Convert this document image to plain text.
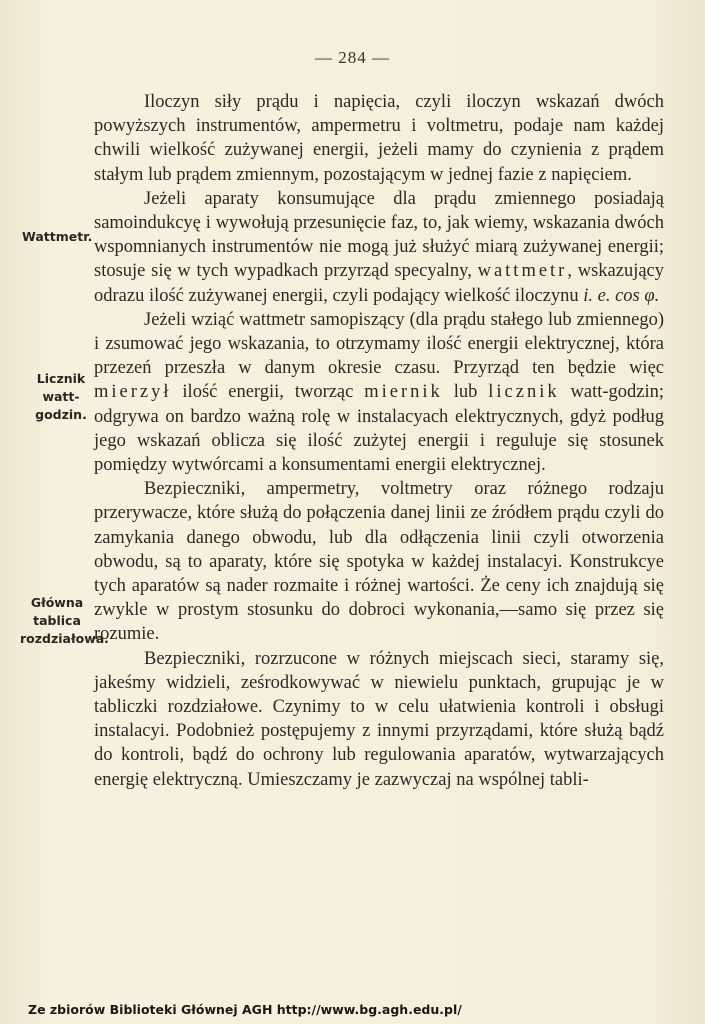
— 284 —
Wattmetr.
Licznik watt-godzin.
Główna tablica rozdziałowa.

Iloczyn siły prądu i napięcia, czyli iloczyn wskazań dwóch powyższych instrumentów, ampermetru i voltmetru, podaje nam każdej chwili wielkość zużywanej energii, jeżeli mamy do czynienia z prądem stałym lub prądem zmiennym, pozostającym w jednej fazie z napięciem.

Jeżeli aparaty konsumujące dla prądu zmiennego posiadają samoindukcyę i wywołują przesunięcie faz, to, jak wiemy, wskazania dwóch wspomnianych instrumentów nie mogą już służyć miarą zużywanej energii; stosuje się w tych wypadkach przyrząd specyalny, wattmetr, wskazujący odrazu ilość zużywanej energii, czyli podający wielkość iloczynu i. e. cos φ.

Jeżeli wziąć wattmetr samopiszący (dla prądu stałego lub zmiennego) i zsumować jego wskazania, to otrzymamy ilość energii elektrycznej, która przezeń przeszła w danym okresie czasu. Przyrząd ten będzie więc mierzył ilość energii, tworząc miernik lub licznik watt-godzin; odgrywa on bardzo ważną rolę w instalacyach elektrycznych, gdyż podług jego wskazań oblicza się ilość zużytej energii i reguluje się stosunek pomiędzy wytwórcami a konsumentami energii elektrycznej.

Bezpieczniki, ampermetry, voltmetry oraz różnego rodzaju przerywacze, które służą do połączenia danej linii ze źródłem prądu czyli do zamykania danego obwodu, lub dla odłączenia linii czyli otworzenia obwodu, są to aparaty, które się spotyka w każdej instalacyi. Konstrukcye tych aparatów są nader rozmaite i różnej wartości. Że ceny ich znajdują się zwykle w prostym stosunku do dobroci wykonania,—samo się przez się rozumie.

Bezpieczniki, rozrzucone w różnych miejscach sieci, staramy się, jakeśmy widzieli, ześrodkowywać w niewielu punktach, grupując je w tabliczki rozdziałowe. Czynimy to w celu ułatwienia kontroli i obsługi instalacyi. Podobnież postępujemy z innymi przyrządami, które służą bądź do kontroli, bądź do ochrony lub regulowania aparatów, wytwarzających energię elektryczną. Umieszczamy je zazwyczaj na wspólnej tabli-

Ze zbiorów Biblioteki Głównej AGH http://www.bg.agh.edu.pl/
